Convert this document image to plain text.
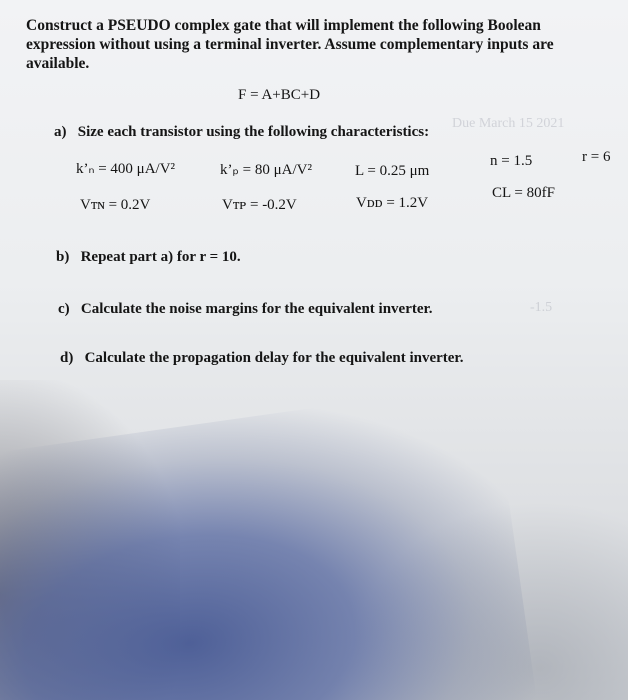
Due March 15 2021
-1.5
Construct a PSEUDO complex gate that will implement the following Boolean expression without using a terminal inverter. Assume complementary inputs are available.
F = A+BC+D
a) Size each transistor using the following characteristics:
k’ₙ = 400 μA/V²	k’ₚ = 80 μA/V²	L = 0.25 μm
n = 1.5	r = 6
Vᴛɴ = 0.2V	Vᴛᴘ = -0.2V	Vᴅᴅ = 1.2V
CL = 80fF
b) Repeat part a) for r = 10.
c) Calculate the noise margins for the equivalent inverter.
d) Calculate the propagation delay for the equivalent inverter.
